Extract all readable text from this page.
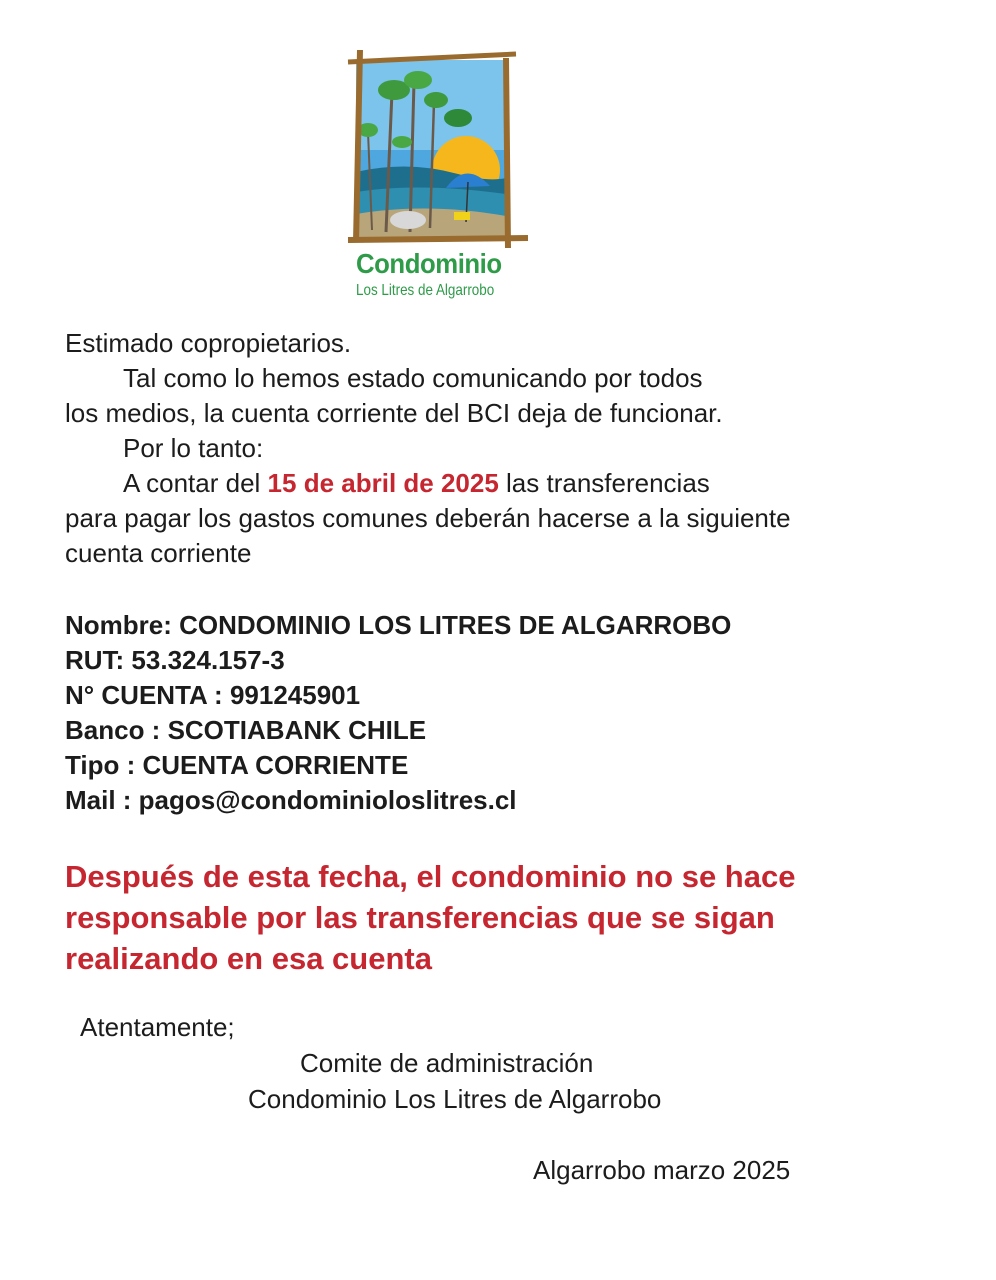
Condominio
Los Litres de Algarrobo

Estimado copropietarios.

Tal como lo hemos estado comunicando por todos

los medios, la cuenta corriente del BCI deja de funcionar.

Por lo tanto:

A contar del 15 de abril de 2025 las transferencias

para pagar los gastos comunes deberán hacerse a la siguiente

cuenta corriente

Nombre: CONDOMINIO LOS LITRES DE ALGARROBO

RUT: 53.324.157-3

N° CUENTA : 991245901

Banco : SCOTIABANK CHILE

Tipo : CUENTA CORRIENTE

Mail : pagos@condominioloslitres.cl

Después de esta fecha, el condominio no se hace

responsable por las transferencias que se sigan

realizando en esa cuenta

Atentamente;
Comite de administración
Condominio Los Litres de Algarrobo
Algarrobo marzo 2025
